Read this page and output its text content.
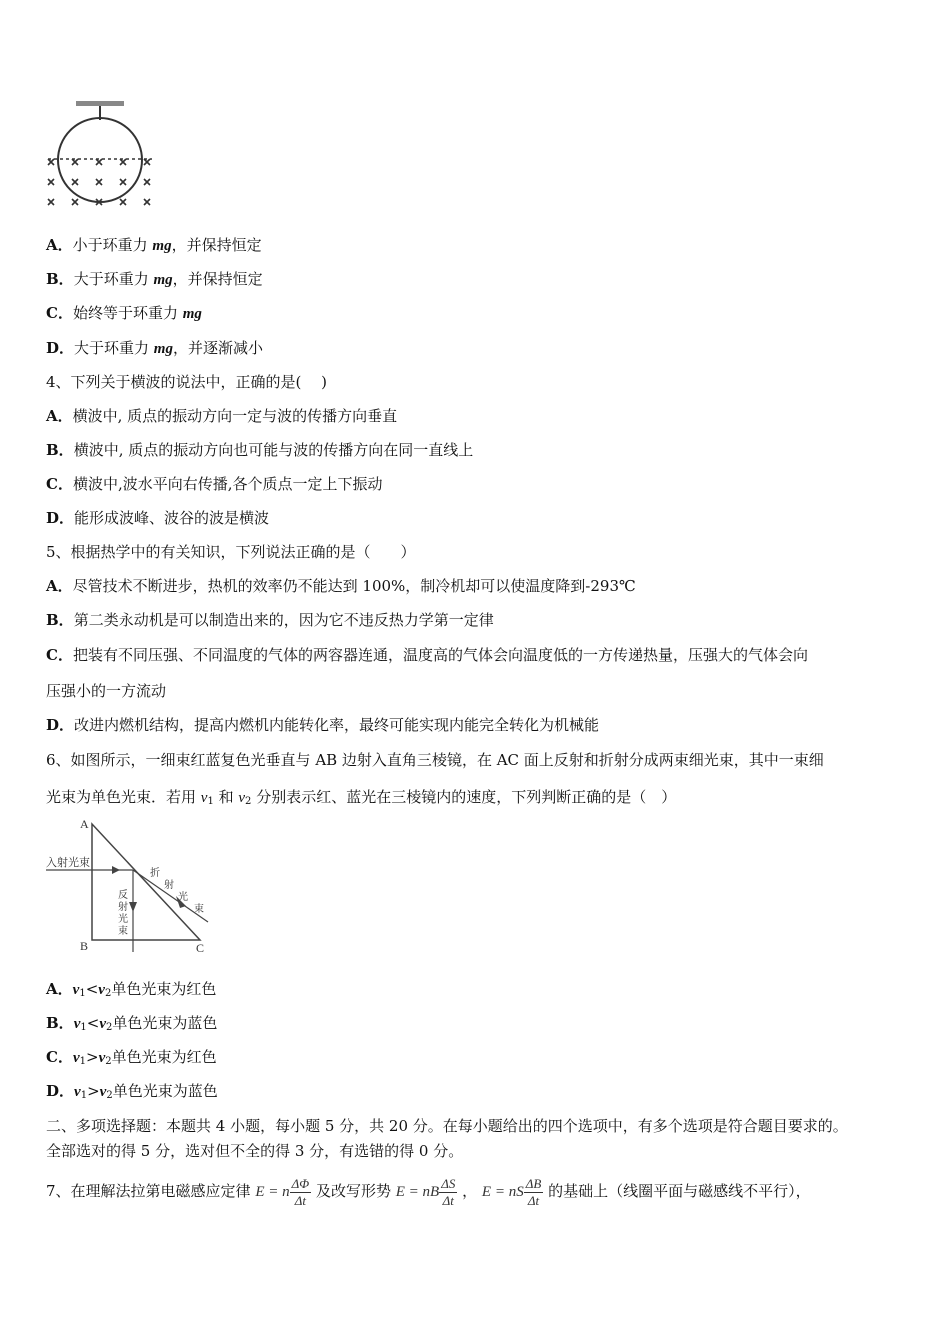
A．小于环重力 mg，并保持恒定
B．大于环重力 mg，并保持恒定
C．始终等于环重力 mg
D．大于环重力 mg，并逐渐减小
4、下列关于横波的说法中，正确的是(　 )
A．横波中, 质点的振动方向一定与波的传播方向垂直
B．横波中, 质点的振动方向也可能与波的传播方向在同一直线上
C．横波中,波水平向右传播,各个质点一定上下振动
D．能形成波峰、波谷的波是横波
5、根据热学中的有关知识，下列说法正确的是（　　）
A．尽管技术不断进步，热机的效率仍不能达到 100%，制冷机却可以使温度降到-293℃
B．第二类永动机是可以制造出来的，因为它不违反热力学第一定律
C．把装有不同压强、不同温度的气体的两容器连通，温度高的气体会向温度低的一方传递热量，压强大的气体会向
压强小的一方流动
D．改进内燃机结构，提高内燃机内能转化率，最终可能实现内能完全转化为机械能
6、如图所示，一细束红蓝复色光垂直与 AB 边射入直角三棱镜，在 AC 面上反射和折射分成两束细光束，其中一束细
光束为单色光束．若用 $v_1$ 和 $v_2$ 分别表示红、蓝光在三棱镜内的速度，下列判断正确的是（　）
A
B	C
入射光束
折
射
光
束
反
射
光
束
A．$v_1<v_2$单色光束为红色
B．$v_1<v_2$单色光束为蓝色
C．$v_1>v_2$单色光束为红色
D．$v_1>v_2$单色光束为蓝色
二、多项选择题：本题共 4 小题，每小题 5 分，共 20 分。在每小题给出的四个选项中，有多个选项是符合题目要求的。
全部选对的得 5 分，选对但不全的得 3 分，有选错的得 0 分。
7、在理解法拉第电磁感应定律 E = n $\frac{\Delta\Phi}{\Delta t}$ 及改写形势 E = nB $\frac{\Delta S}{\Delta t}$ ， E = nS $\frac{\Delta B}{\Delta t}$ 的基础上（线圈平面与磁感线不平行），
